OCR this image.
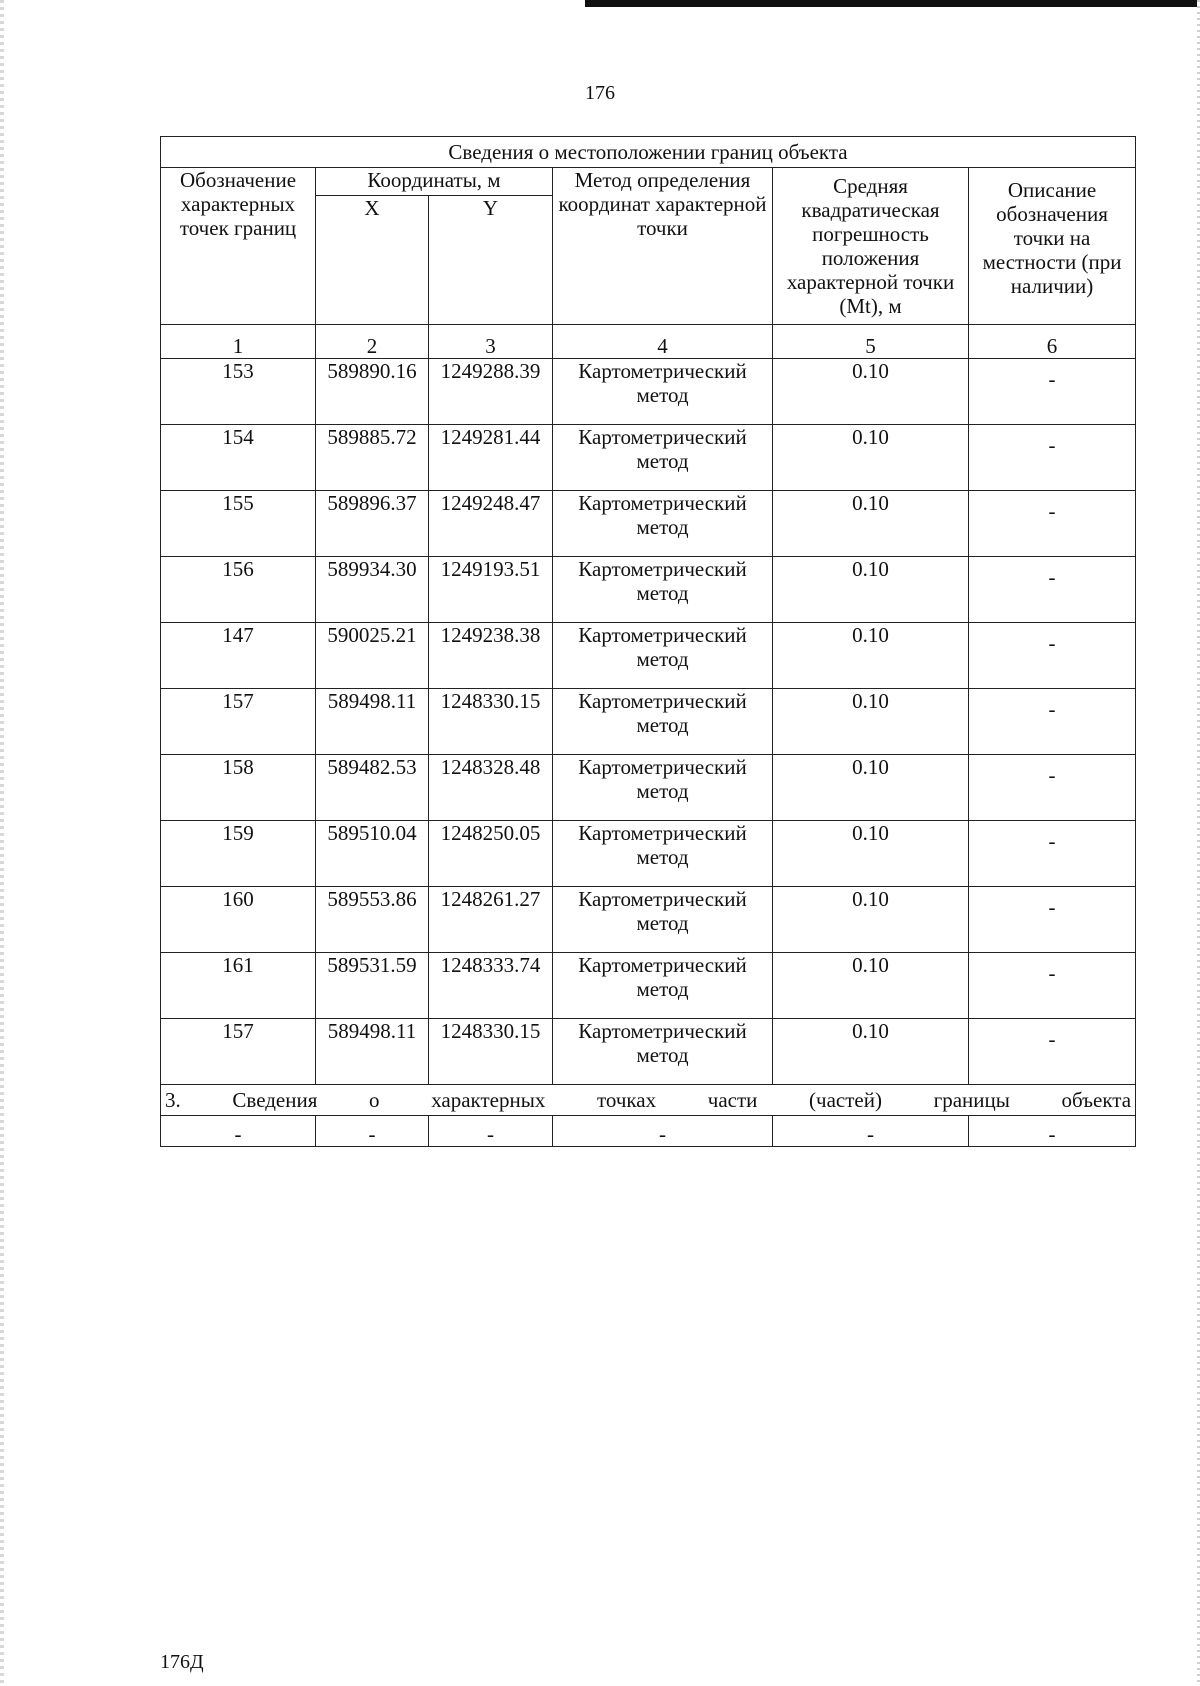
176
Сведения о местоположении границ объекта					
Обозначение характерных точек границ	Координаты, м		Метод определения координат характерной точки	Средняя квадратическая погрешность положения характерной точки (Mt), м	Описание обозначения точки на местности (при наличии)
	X	Y			
1	2	3	4	5	6
153	589890.16	1249288.39	Картометрический метод	0.10	-
154	589885.72	1249281.44	Картометрический метод	0.10	-
155	589896.37	1249248.47	Картометрический метод	0.10	-
156	589934.30	1249193.51	Картометрический метод	0.10	-
147	590025.21	1249238.38	Картометрический метод	0.10	-
157	589498.11	1248330.15	Картометрический метод	0.10	-
158	589482.53	1248328.48	Картометрический метод	0.10	-
159	589510.04	1248250.05	Картометрический метод	0.10	-
160	589553.86	1248261.27	Картометрический метод	0.10	-
161	589531.59	1248333.74	Картометрический метод	0.10	-
157	589498.11	1248330.15	Картометрический метод	0.10	-
3. Сведения о характерных точках части (частей) границы объекта					
-	-	-	-	-	-
176Д
